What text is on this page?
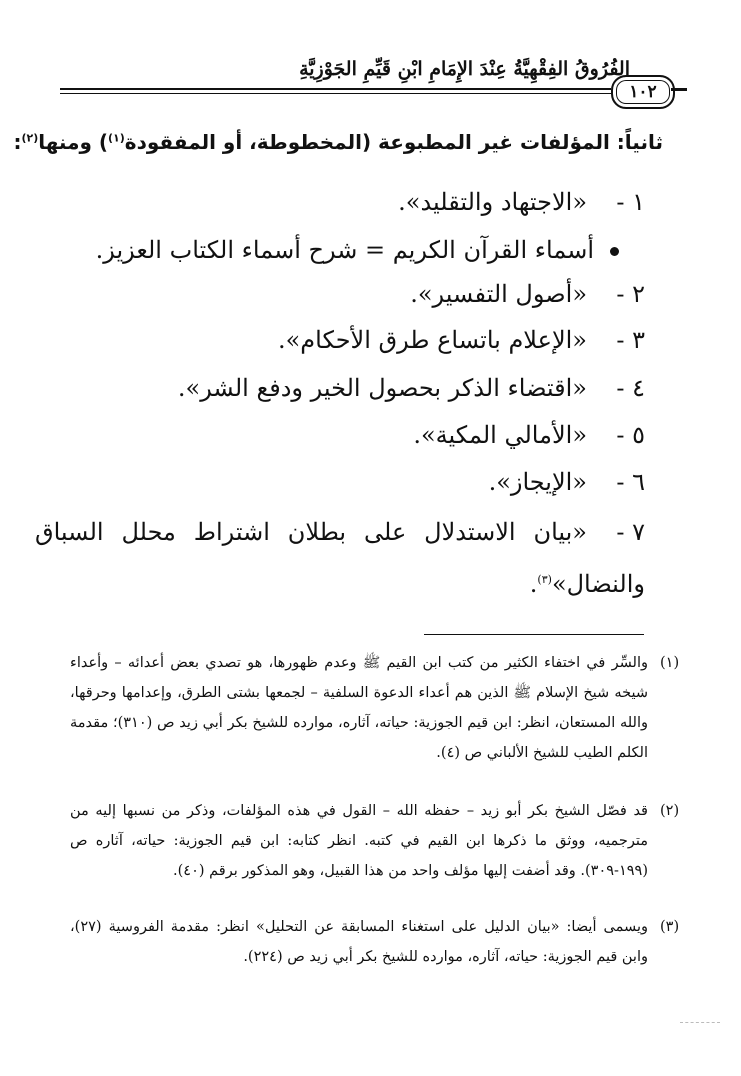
الفُرُوقُ الفِقْهِيَّةُ عِنْدَ الإِمَامِ ابْنِ قَيِّمِ الجَوْزِيَّةِ
١٠٢
ثانياً: المؤلفات غير المطبوعة (المخطوطة، أو المفقودة$^{(١)}$) ومنها$^{(٢)}$:
١ -«الاجتهاد والتقليد».
أسماء القرآن الكريم = شرح أسماء الكتاب العزيز.
٢ -«أصول التفسير».
٣ -«الإعلام باتساع طرق الأحكام».
٤ -«اقتضاء الذكر بحصول الخير ودفع الشر».
٥ -«الأمالي المكية».
٦ -«الإيجاز».
٧ -«بيان الاستدلال على بطلان اشتراط محلل السباق والنضال»$^{(٣)}$.
(١)
والسِّر في اختفاء الكثير من كتب ابن القيم ﷺ وعدم ظهورها، هو تصدي بعض أعدائه – وأعداء شيخه شيخ الإسلام ﷺ الذين هم أعداء الدعوة السلفية – لجمعها بشتى الطرق، وإعدامها وحرقها، والله المستعان، انظر: ابن قيم الجوزية: حياته، آثاره، موارده للشيخ بكر أبي زيد ص (٣١٠)؛ مقدمة الكلم الطيب للشيخ الألباني ص (٤).
(٢)
قد فصّل الشيخ بكر أبو زيد – حفظه الله – القول في هذه المؤلفات، وذكر من نسبها إليه من مترجميه، ووثق ما ذكرها ابن القيم في كتبه. انظر كتابه: ابن قيم الجوزية: حياته، آثاره ص (١٩٩-٣٠٩). وقد أضفت إليها مؤلف واحد من هذا القبيل، وهو المذكور برقم (٤٠).
(٣)
ويسمى أيضا: «بيان الدليل على استغناء المسابقة عن التحليل» انظر: مقدمة الفروسية (٢٧)، وابن قيم الجوزية: حياته، آثاره، موارده للشيخ بكر أبي زيد ص (٢٢٤).
